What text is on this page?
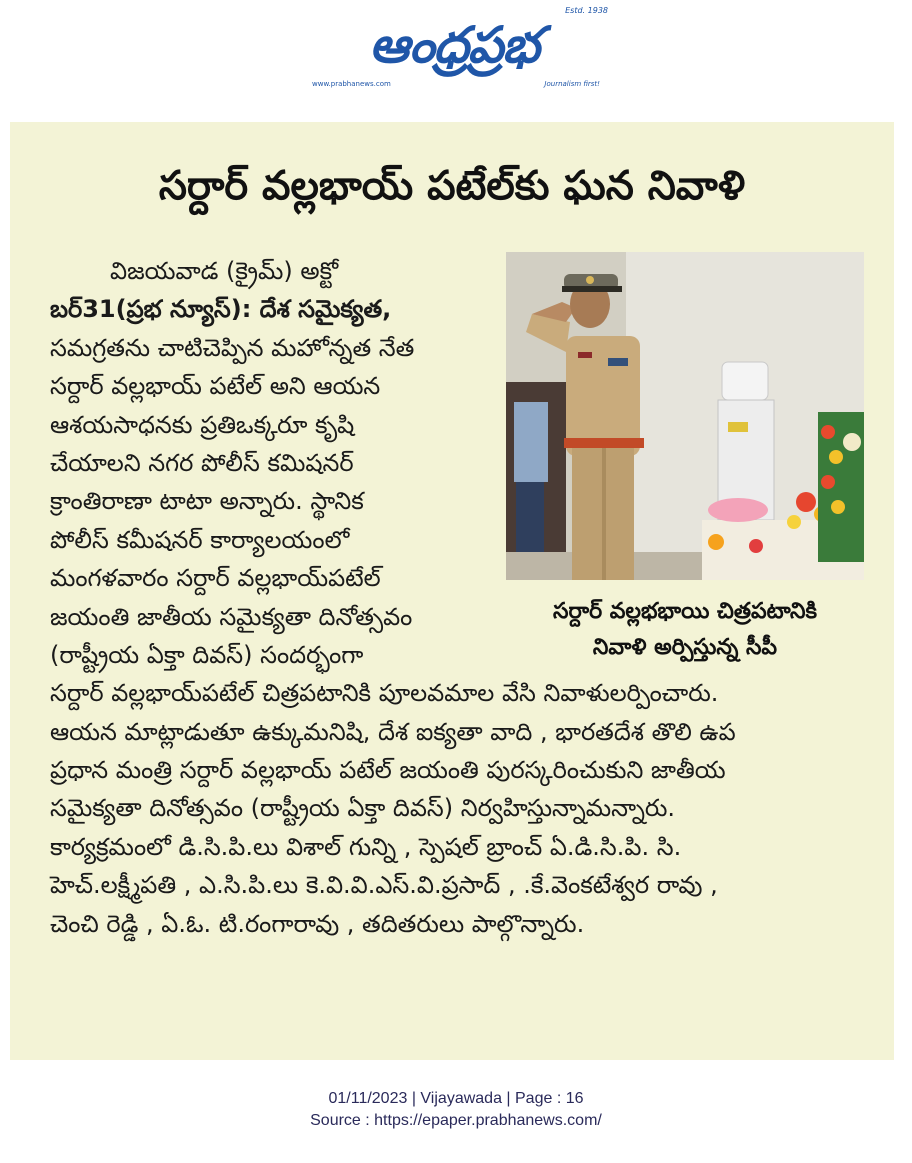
Estd. 1938
ఆంధ్రప్రభ
www.prabhanews.com	Journalism first!
సర్దార్ వల్లభాయ్ పటేల్‌కు ఘన నివాళి
విజయవాడ (క్రైమ్) అక్టో
బర్31(ప్రభ న్యూస్): దేశ సమైక్యత,
సమగ్రతను చాటిచెప్పిన మహోన్నత నేత
సర్దార్ వల్లభాయ్ పటేల్ అని ఆయన
ఆశయసాధనకు ప్రతిఒక్కరూ కృషి
చేయాలని నగర పోలీస్ కమిషనర్
క్రాంతిరాణా టాటా అన్నారు. స్థానిక
పోలీస్ కమీషనర్ కార్యాలయంలో
మంగళవారం సర్దార్ వల్లభాయ్‌పటేల్
జయంతి జాతీయ సమైక్యతా దినోత్సవం
(రాష్ట్రీయ ఏక్తా దివస్) సందర్భంగా
సర్దార్ వల్లభాయ్‌పటేల్ చిత్రపటానికి పూలవమాల వేసి నివాళులర్పించారు.
ఆయన మాట్లాడుతూ ఉక్కుమనిషి, దేశ ఐక్యతా వాది , భారతదేశ తొలి ఉప
ప్రధాన మంత్రి సర్దార్ వల్లభాయ్ పటేల్ జయంతి పురస్కరించుకుని జాతీయ
సమైక్యతా దినోత్సవం (రాష్ట్రీయ ఏక్తా దివస్) నిర్వహిస్తున్నామన్నారు.
కార్యక్రమంలో డి.సి.పి.లు విశాల్ గున్ని , స్పెషల్ బ్రాంచ్ ఏ.డి.సి.పి. సి.
హెచ్.లక్ష్మీపతి , ఎ.సి.పి.లు కె.వి.వి.ఎస్.వి.ప్రసాద్ , .కే.వెంకటేశ్వర రావు ,
చెంచి రెడ్డి , ఏ.ఓ. టి.రంగారావు , తదితరులు పాల్గొన్నారు.
సర్దార్ వల్లభభాయి చిత్రపటానికి
నివాళి అర్పిస్తున్న సీపీ
01/11/2023 | Vijayawada | Page : 16
Source : https://epaper.prabhanews.com/
